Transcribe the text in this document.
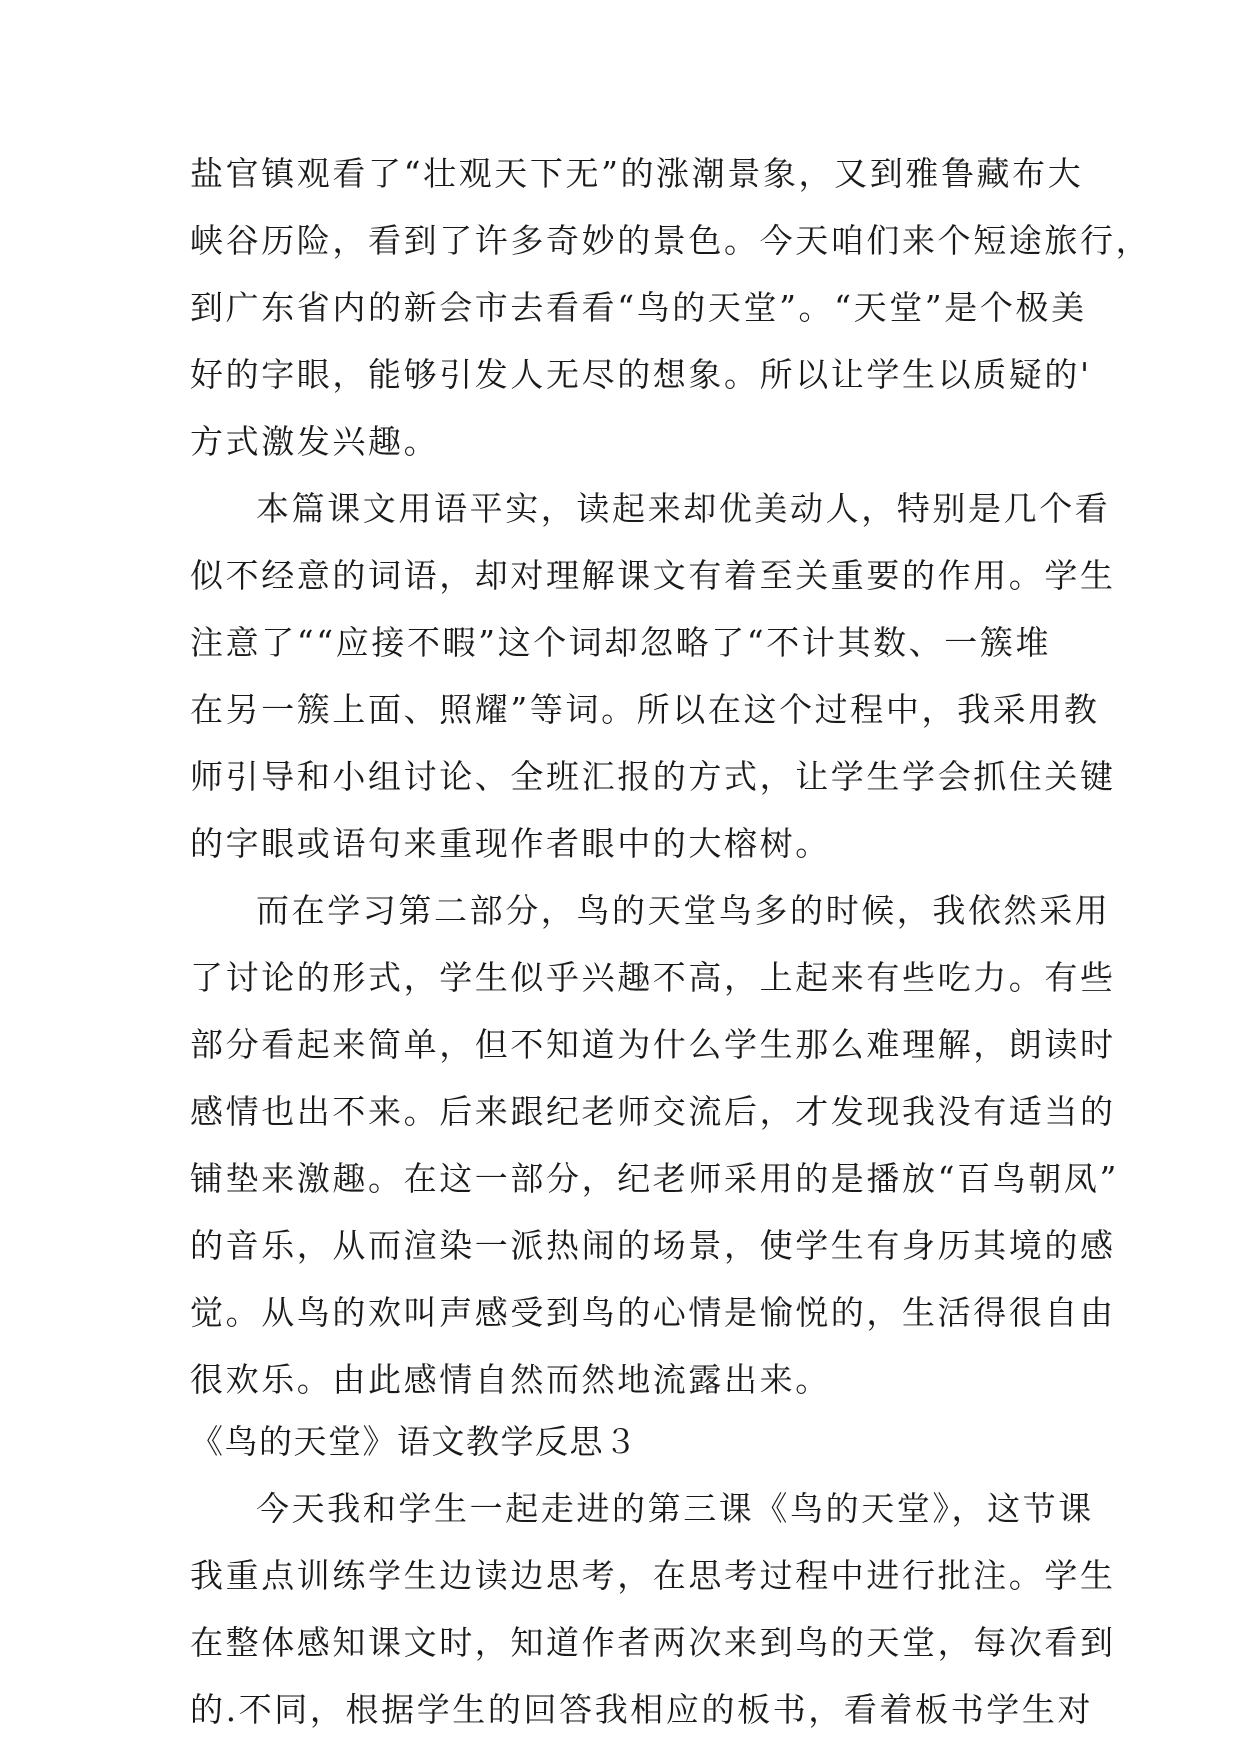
盐官镇观看了“壮观天下无”的涨潮景象，又到雅鲁藏布大
峡谷历险，看到了许多奇妙的景色。今天咱们来个短途旅行，
到广东省内的新会市去看看“鸟的天堂”。“天堂”是个极美
好的字眼，能够引发人无尽的想象。所以让学生以质疑的'
方式激发兴趣。
本篇课文用语平实，读起来却优美动人，特别是几个看
似不经意的词语，却对理解课文有着至关重要的作用。学生
注意了““应接不暇”这个词却忽略了“不计其数、一簇堆
在另一簇上面、照耀”等词。所以在这个过程中，我采用教
师引导和小组讨论、全班汇报的方式，让学生学会抓住关键
的字眼或语句来重现作者眼中的大榕树。
而在学习第二部分，鸟的天堂鸟多的时候，我依然采用
了讨论的形式，学生似乎兴趣不高，上起来有些吃力。有些
部分看起来简单，但不知道为什么学生那么难理解，朗读时
感情也出不来。后来跟纪老师交流后，才发现我没有适当的
铺垫来激趣。在这一部分，纪老师采用的是播放“百鸟朝凤”
的音乐，从而渲染一派热闹的场景，使学生有身历其境的感
觉。从鸟的欢叫声感受到鸟的心情是愉悦的，生活得很自由
很欢乐。由此感情自然而然地流露出来。
《鸟的天堂》语文教学反思３
今天我和学生一起走进的第三课《鸟的天堂》，这节课
我重点训练学生边读边思考，在思考过程中进行批注。学生
在整体感知课文时，知道作者两次来到鸟的天堂，每次看到
的.不同，根据学生的回答我相应的板书，看着板书学生对
